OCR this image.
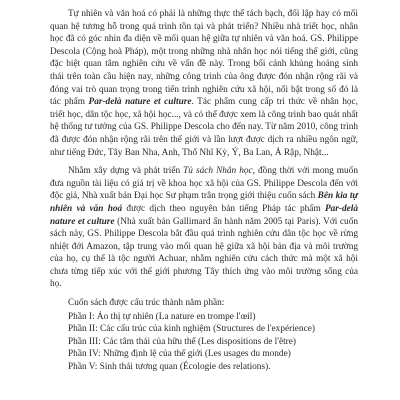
Tự nhiên và văn hoá có phải là những thực thể tách bạch, đối lập hay có mối quan hệ tương hỗ trong quá trình tồn tại và phát triển? Nhiều nhà triết học, nhân học đã có góc nhìn đa diện về mối quan hệ giữa tự nhiên và văn hoá. GS. Philippe Descola (Cộng hoà Pháp), một trong những nhà nhân học nói tiếng thế giới, cũng đặc biệt quan tâm nghiên cứu về vấn đề này. Trong bối cảnh khủng hoảng sinh thái trên toàn cầu hiện nay, những công trình của ông được đón nhận rộng rãi và đóng vai trò quan trọng trong tiến trình nghiên cứu xã hội, nổi bật trong số đó là tác phẩm Par-delà nature et culture. Tác phẩm cung cấp tri thức về nhân học, triết học, dân tộc học, xã hội học..., và có thể được xem là công trình bao quát nhất hệ thống tư tưởng của GS. Philippe Descola cho đến nay. Từ năm 2010, công trình đã được đón nhận rộng rãi trên thế giới và lần lượt được dịch ra nhiều ngôn ngữ, như tiếng Đức, Tây Ban Nha, Anh, Thổ Nhĩ Kỳ, Ý, Ba Lan, Ả Rập, Nhật...

Nhằm xây dựng và phát triển Tủ sách Nhân học, đồng thời với mong muốn đưa nguồn tài liệu có giá trị về khoa học xã hội của GS. Philippe Descola đến với độc giả, Nhà xuất bản Đại học Sư phạm trân trọng giới thiệu cuốn sách Bên kia tự nhiên và văn hoá được dịch theo nguyên bản tiếng Pháp tác phẩm Par-delà nature et culture (Nhà xuất bản Gallimard ấn hành năm 2005 tại Paris). Với cuốn sách này, GS. Philippe Descola bắt đầu quá trình nghiên cứu dân tộc học về rừng nhiệt đới Amazon, tập trung vào mối quan hệ giữa xã hội bản địa và môi trường của họ, cụ thể là tộc người Achuar, nhằm nghiên cứu cách thức mà một xã hội chưa từng tiếp xúc với thế giới phương Tây thích ứng vào môi trường sống của họ.

Cuốn sách được cấu trúc thành năm phần:

Phần I: Ảo thị tự nhiên (La nature en trompe l'œil)
Phần II: Các cấu trúc của kinh nghiệm (Structures de l'expérience)
Phần III: Các tâm thái của hữu thể (Les dispositions de l'être)
Phần IV: Những định lệ của thế giới (Les usages du monde)
Phần V: Sinh thái tương quan (Écologie des relations).
